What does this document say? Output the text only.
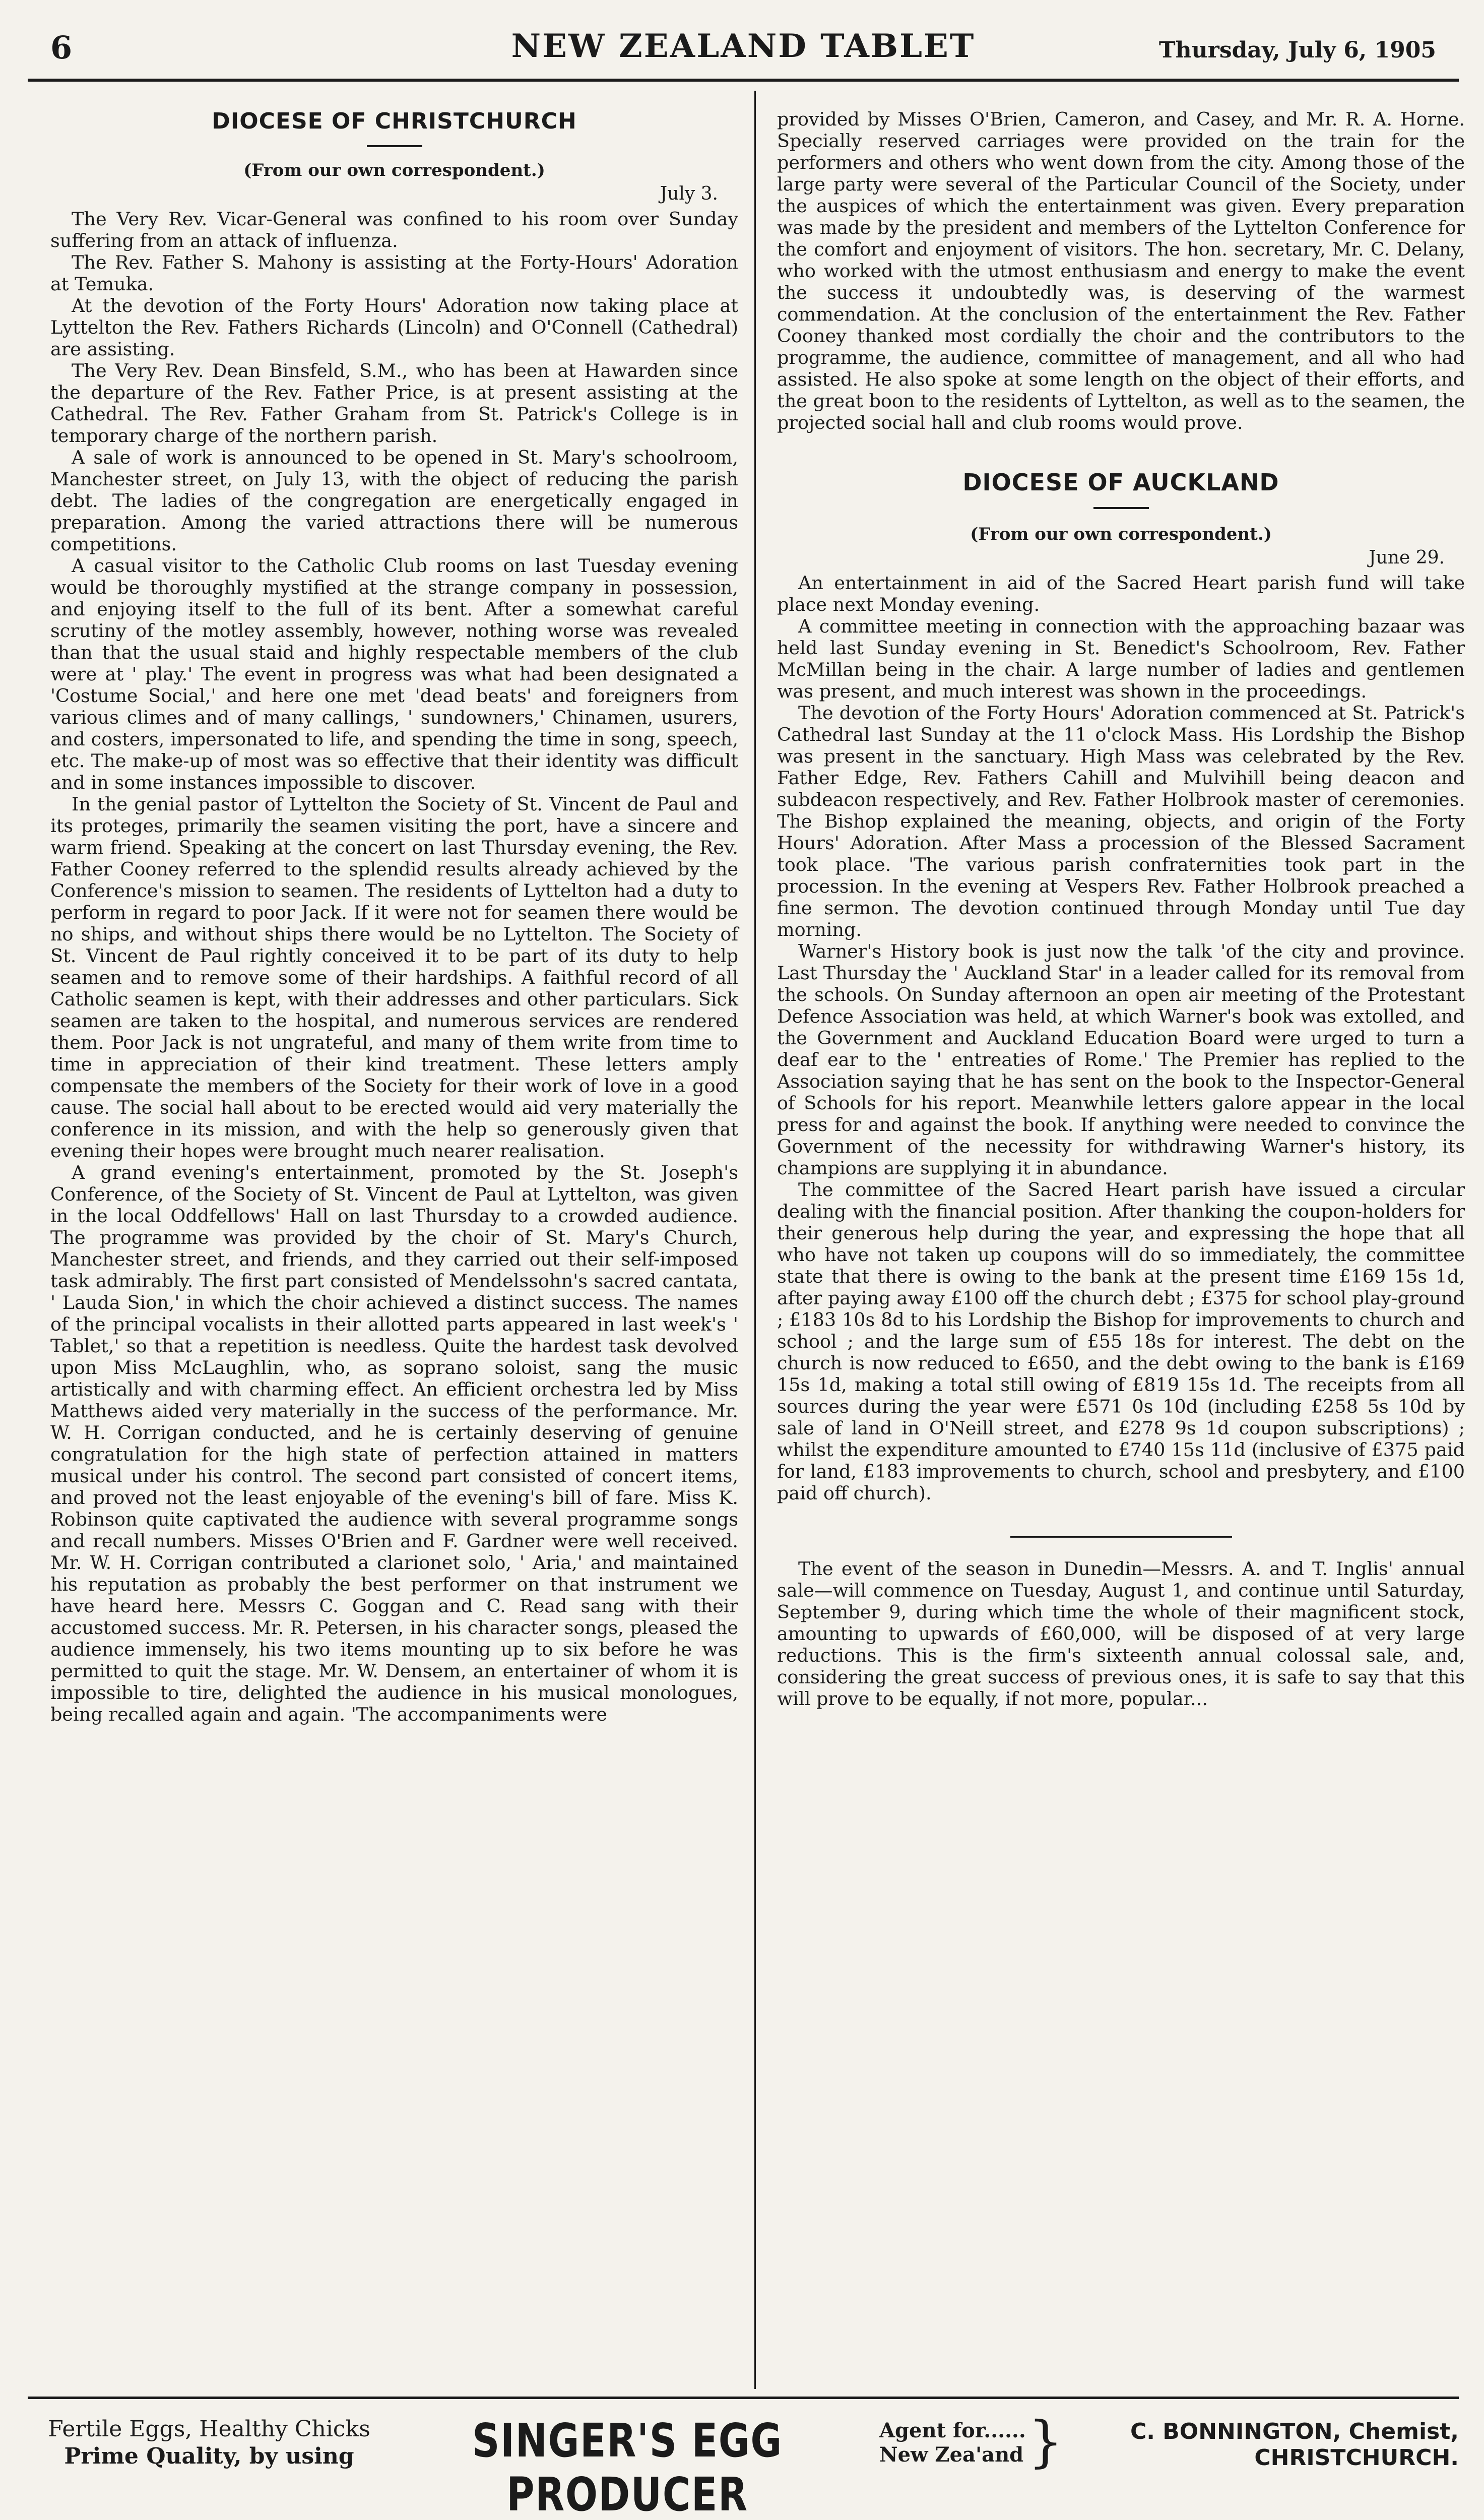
6	NEW ZEALAND TABLET	Thursday, July 6, 1905
DIOCESE OF CHRISTCHURCH

(From our own correspondent.)

July 3.

The Very Rev. Vicar-General was confined to his room over Sunday suffering from an attack of influenza.

The Rev. Father S. Mahony is assisting at the Forty-Hours' Adoration at Temuka.

At the devotion of the Forty Hours' Adoration now taking place at Lyttelton the Rev. Fathers Richards (Lincoln) and O'Connell (Cathedral) are assisting.

The Very Rev. Dean Binsfeld, S.M., who has been at Hawarden since the departure of the Rev. Father Price, is at present assisting at the Cathedral. The Rev. Father Graham from St. Patrick's College is in temporary charge of the northern parish.

A sale of work is announced to be opened in St. Mary's schoolroom, Manchester street, on July 13, with the object of reducing the parish debt. The ladies of the congregation are energetically engaged in preparation. Among the varied attractions there will be numerous competitions.

A casual visitor to the Catholic Club rooms on last Tuesday evening would be thoroughly mystified at the strange company in possession, and enjoying itself to the full of its bent. After a somewhat careful scrutiny of the motley assembly, however, nothing worse was revealed than that the usual staid and highly respectable members of the club were at ' play.' The event in progress was what had been designated a 'Costume Social,' and here one met 'dead beats' and foreigners from various climes and of many callings, ' sundowners,' Chinamen, usurers, and costers, impersonated to life, and spending the time in song, speech, etc. The make-up of most was so effective that their identity was difficult and in some instances impossible to discover.

In the genial pastor of Lyttelton the Society of St. Vincent de Paul and its proteges, primarily the seamen visiting the port, have a sincere and warm friend. Speaking at the concert on last Thursday evening, the Rev. Father Cooney referred to the splendid results already achieved by the Conference's mission to seamen. The residents of Lyttelton had a duty to perform in regard to poor Jack. If it were not for seamen there would be no ships, and without ships there would be no Lyttelton. The Society of St. Vincent de Paul rightly conceived it to be part of its duty to help seamen and to remove some of their hardships. A faithful record of all Catholic seamen is kept, with their addresses and other particulars. Sick seamen are taken to the hospital, and numerous services are rendered them. Poor Jack is not ungrateful, and many of them write from time to time in appreciation of their kind treatment. These letters amply compensate the members of the Society for their work of love in a good cause. The social hall about to be erected would aid very materially the conference in its mission, and with the help so generously given that evening their hopes were brought much nearer realisation.

A grand evening's entertainment, promoted by the St. Joseph's Conference, of the Society of St. Vincent de Paul at Lyttelton, was given in the local Oddfellows' Hall on last Thursday to a crowded audience. The programme was provided by the choir of St. Mary's Church, Manchester street, and friends, and they carried out their self-imposed task admirably. The first part consisted of Mendelssohn's sacred cantata, ' Lauda Sion,' in which the choir achieved a distinct success. The names of the principal vocalists in their allotted parts appeared in last week's ' Tablet,' so that a repetition is needless. Quite the hardest task devolved upon Miss McLaughlin, who, as soprano soloist, sang the music artistically and with charming effect. An efficient orchestra led by Miss Matthews aided very materially in the success of the performance. Mr. W. H. Corrigan conducted, and he is certainly deserving of genuine congratulation for the high state of perfection attained in matters musical under his control. The second part consisted of concert items, and proved not the least enjoyable of the evening's bill of fare. Miss K. Robinson quite captivated the audience with several programme songs and recall numbers. Misses O'Brien and F. Gardner were well received. Mr. W. H. Corrigan contributed a clarionet solo, ' Aria,' and maintained his reputation as probably the best performer on that instrument we have heard here. Messrs C. Goggan and C. Read sang with their accustomed success. Mr. R. Petersen, in his character songs, pleased the audience immensely, his two items mounting up to six before he was permitted to quit the stage. Mr. W. Densem, an entertainer of whom it is impossible to tire, delighted the audience in his musical monologues, being recalled again and again. 'The accompaniments were

provided by Misses O'Brien, Cameron, and Casey, and Mr. R. A. Horne. Specially reserved carriages were provided on the train for the performers and others who went down from the city. Among those of the large party were several of the Particular Council of the Society, under the auspices of which the entertainment was given. Every preparation was made by the president and members of the Lyttelton Conference for the comfort and enjoyment of visitors. The hon. secretary, Mr. C. Delany, who worked with the utmost enthusiasm and energy to make the event the success it undoubtedly was, is deserving of the warmest commendation. At the conclusion of the entertainment the Rev. Father Cooney thanked most cordially the choir and the contributors to the programme, the audience, committee of management, and all who had assisted. He also spoke at some length on the object of their efforts, and the great boon to the residents of Lyttelton, as well as to the seamen, the projected social hall and club rooms would prove.

DIOCESE OF AUCKLAND

(From our own correspondent.)

June 29.

An entertainment in aid of the Sacred Heart parish fund will take place next Monday evening.

A committee meeting in connection with the approaching bazaar was held last Sunday evening in St. Benedict's Schoolroom, Rev. Father McMillan being in the chair. A large number of ladies and gentlemen was present, and much interest was shown in the proceedings.

The devotion of the Forty Hours' Adoration commenced at St. Patrick's Cathedral last Sunday at the 11 o'clock Mass. His Lordship the Bishop was present in the sanctuary. High Mass was celebrated by the Rev. Father Edge, Rev. Fathers Cahill and Mulvihill being deacon and subdeacon respectively, and Rev. Father Holbrook master of ceremonies. The Bishop explained the meaning, objects, and origin of the Forty Hours' Adoration. After Mass a procession of the Blessed Sacrament took place. 'The various parish confraternities took part in the procession. In the evening at Vespers Rev. Father Holbrook preached a fine sermon. The devotion continued through Monday until Tue day morning.

Warner's History book is just now the talk 'of the city and province. Last Thursday the ' Auckland Star' in a leader called for its removal from the schools. On Sunday afternoon an open air meeting of the Protestant Defence Association was held, at which Warner's book was extolled, and the Government and Auckland Education Board were urged to turn a deaf ear to the ' entreaties of Rome.' The Premier has replied to the Association saying that he has sent on the book to the Inspector-General of Schools for his report. Meanwhile letters galore appear in the local press for and against the book. If anything were needed to convince the Government of the necessity for withdrawing Warner's history, its champions are supplying it in abundance.

The committee of the Sacred Heart parish have issued a circular dealing with the financial position. After thanking the coupon-holders for their generous help during the year, and expressing the hope that all who have not taken up coupons will do so immediately, the committee state that there is owing to the bank at the present time £169 15s 1d, after paying away £100 off the church debt ; £375 for school play-ground ; £183 10s 8d to his Lordship the Bishop for improvements to church and school ; and the large sum of £55 18s for interest. The debt on the church is now reduced to £650, and the debt owing to the bank is £169 15s 1d, making a total still owing of £819 15s 1d. The receipts from all sources during the year were £571 0s 10d (including £258 5s 10d by sale of land in O'Neill street, and £278 9s 1d coupon subscriptions) ; whilst the expenditure amounted to £740 15s 11d (inclusive of £375 paid for land, £183 improvements to church, school and presbytery, and £100 paid off church).

The event of the season in Dunedin—Messrs. A. and T. Inglis' annual sale—will commence on Tuesday, August 1, and continue until Saturday, September 9, during which time the whole of their magnificent stock, amounting to upwards of £60,000, will be disposed of at very large reductions. This is the firm's sixteenth annual colossal sale, and, considering the great success of previous ones, it is safe to say that this will prove to be equally, if not more, popular...

Fertile Eggs, Healthy Chicks
Prime Quality, by using	SINGER'S EGG PRODUCER
Agent for......
New Zea'and }	C. BONNINGTON, Chemist,
CHRISTCHURCH.
